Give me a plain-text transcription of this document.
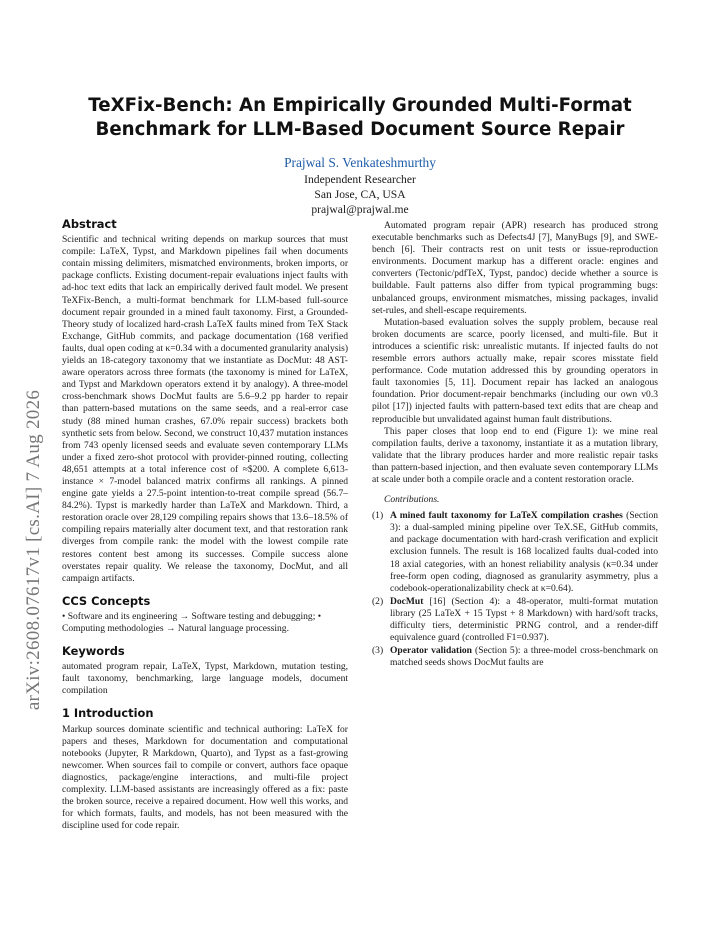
arXiv:2608.07617v1 [cs.AI] 7 Aug 2026
TeXFix-Bench: An Empirically Grounded Multi-Format Benchmark for LLM-Based Document Source Repair
Prajwal S. Venkateshmurthy
Independent Researcher
San Jose, CA, USA
prajwal@prajwal.me
Abstract

Scientific and technical writing depends on markup sources that must compile: LaTeX, Typst, and Markdown pipelines fail when documents contain missing delimiters, mismatched environments, broken imports, or package conflicts. Existing document-repair evaluations inject faults with ad-hoc text edits that lack an empirically derived fault model. We present TeXFix-Bench, a multi-format benchmark for LLM-based full-source document repair grounded in a mined fault taxonomy. First, a Grounded-Theory study of localized hard-crash LaTeX faults mined from TeX Stack Exchange, GitHub commits, and package documentation (168 verified faults, dual open coding at κ=0.34 with a documented granularity analysis) yields an 18-category taxonomy that we instantiate as DocMut: 48 AST-aware operators across three formats (the taxonomy is mined for LaTeX, and Typst and Markdown operators extend it by analogy). A three-model cross-benchmark shows DocMut faults are 5.6–9.2 pp harder to repair than pattern-based mutations on the same seeds, and a real-error case study (88 mined human crashes, 67.0% repair success) brackets both synthetic sets from below. Second, we construct 10,437 mutation instances from 743 openly licensed seeds and evaluate seven contemporary LLMs under a fixed zero-shot protocol with provider-pinned routing, collecting 48,651 attempts at a total inference cost of ≈$200. A complete 6,613-instance × 7-model balanced matrix confirms all rankings. A pinned engine gate yields a 27.5-point intention-to-treat compile spread (56.7–84.2%). Typst is markedly harder than LaTeX and Markdown. Third, a restoration oracle over 28,129 compiling repairs shows that 13.6–18.5% of compiling repairs materially alter document text, and that restoration rank diverges from compile rank: the model with the lowest compile rate restores content best among its successes. Compile success alone overstates repair quality. We release the taxonomy, DocMut, and all campaign artifacts.

CCS Concepts

• Software and its engineering → Software testing and debugging; • Computing methodologies → Natural language processing.

Keywords

automated program repair, LaTeX, Typst, Markdown, mutation testing, fault taxonomy, benchmarking, large language models, document compilation

1 Introduction

Markup sources dominate scientific and technical authoring: LaTeX for papers and theses, Markdown for documentation and computational notebooks (Jupyter, R Markdown, Quarto), and Typst as a fast-growing newcomer. When sources fail to compile or convert, authors face opaque diagnostics, package/engine interactions, and multi-file project complexity. LLM-based assistants are increasingly offered as a fix: paste the broken source, receive a repaired document. How well this works, and for which formats, faults, and models, has not been measured with the discipline used for code repair.

Automated program repair (APR) research has produced strong executable benchmarks such as Defects4J [7], ManyBugs [9], and SWE-bench [6]. Their contracts rest on unit tests or issue-reproduction environments. Document markup has a different oracle: engines and converters (Tectonic/pdfTeX, Typst, pandoc) decide whether a source is buildable. Fault patterns also differ from typical programming bugs: unbalanced groups, environment mismatches, missing packages, invalid set-rules, and shell-escape requirements.

Mutation-based evaluation solves the supply problem, because real broken documents are scarce, poorly licensed, and multi-file. But it introduces a scientific risk: unrealistic mutants. If injected faults do not resemble errors authors actually make, repair scores misstate field performance. Code mutation addressed this by grounding operators in fault taxonomies [5, 11]. Document repair has lacked an analogous foundation. Prior document-repair benchmarks (including our own v0.3 pilot [17]) injected faults with pattern-based text edits that are cheap and reproducible but unvalidated against human fault distributions.

This paper closes that loop end to end (Figure 1): we mine real compilation faults, derive a taxonomy, instantiate it as a mutation library, validate that the library produces harder and more realistic repair tasks than pattern-based injection, and then evaluate seven contemporary LLMs at scale under both a compile oracle and a content restoration oracle.

Contributions.
(1) A mined fault taxonomy for LaTeX compilation crashes (Section 3): a dual-sampled mining pipeline over TeX.SE, GitHub commits, and package documentation with hard-crash verification and explicit exclusion funnels. The result is 168 localized faults dual-coded into 18 axial categories, with an honest reliability analysis (κ=0.34 under free-form open coding, diagnosed as granularity asymmetry, plus a codebook-operationalizability check at κ=0.64).
(2) DocMut [16] (Section 4): a 48-operator, multi-format mutation library (25 LaTeX + 15 Typst + 8 Markdown) with hard/soft tracks, difficulty tiers, deterministic PRNG control, and a render-diff equivalence guard (controlled F1=0.937).
(3) Operator validation (Section 5): a three-model cross-benchmark on matched seeds shows DocMut faults are
